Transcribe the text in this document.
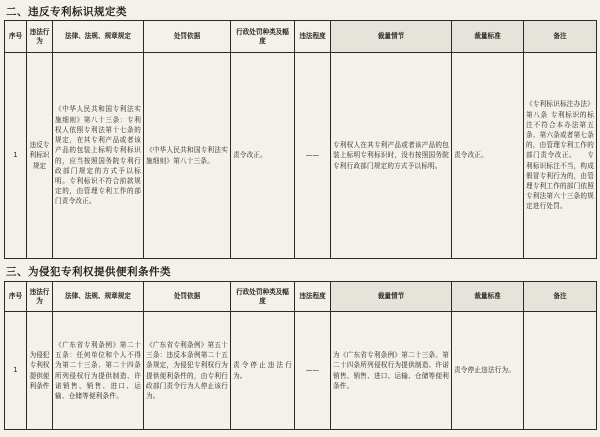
二、违反专利标识规定类
序号	违法行为	法律、法规、规章规定	处罚依据	行政处罚种类及幅度	违法程度	裁量情节	裁量标准	备注
1	违反专利标识规定	《中华人民共和国专利法实施细则》第八十三条：专利权人依照专利法第十七条的规定，在其专利产品或者该产品的包装上标明专利标识的，应当按照国务院专利行政部门规定的方式予以标明。专利标识不符合前款规定的，由管理专利工作的部门责令改正。	《中华人民共和国专利法实施细则》第八十三条。	责令改正。	——	专利权人在其专利产品或者该产品的包装上标明专利标识时，没有按照国务院专利行政部门规定的方式予以标明。	责令改正。	《专利标识标注办法》第八条 专利标识的标注不符合本办法第五条、第六条或者第七条的，由管理专利工作的部门责令改正。　　专利标识标注不当，构成假冒专利行为的，由管理专利工作的部门依照专利法第六十三条的规定进行处罚。
三、为侵犯专利权提供便利条件类
序号	违法行为	法律、法规、规章规定	处罚依据	行政处罚种类及幅度	违法程度	裁量情节	裁量标准	备注
1	为侵犯专利权提供便利条件	《广东省专利条例》第二十五条：任何单位和个人不得为第二十三条、第二十四条所列侵权行为提供制造、许诺销售、销售、进口、运输、仓储等便利条件。	《广东省专利条例》第五十三条：违反本条例第二十五条规定，为侵犯专利权行为提供便利条件的，由专利行政部门责令行为人停止该行为。	责令停止违法行为。	——	为《广东省专利条例》第二十三条、第二十四条所列侵权行为提供制造、许诺销售、销售、进口、运输、仓储等便利条件。	责令停止违法行为。	
